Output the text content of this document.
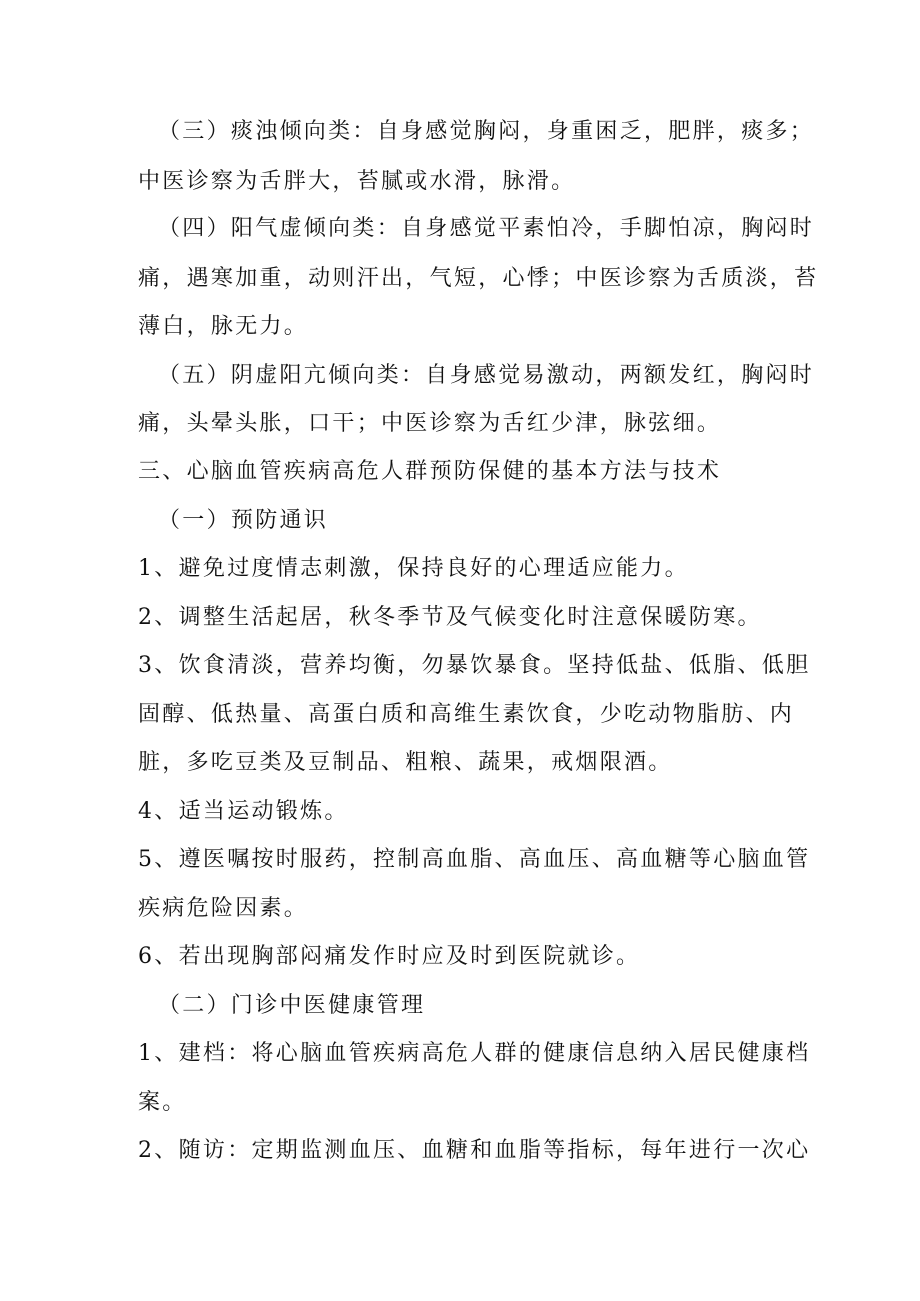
（三）痰浊倾向类：自身感觉胸闷，身重困乏，肥胖，痰多；
中医诊察为舌胖大，苔腻或水滑，脉滑。
（四）阳气虚倾向类：自身感觉平素怕冷，手脚怕凉，胸闷时
痛，遇寒加重，动则汗出，气短，心悸；中医诊察为舌质淡，苔
薄白，脉无力。
（五）阴虚阳亢倾向类：自身感觉易激动，两额发红，胸闷时
痛，头晕头胀，口干；中医诊察为舌红少津，脉弦细。
三、心脑血管疾病高危人群预防保健的基本方法与技术
（一）预防通识
1、避免过度情志刺激，保持良好的心理适应能力。
2、调整生活起居，秋冬季节及气候变化时注意保暖防寒。
3、饮食清淡，营养均衡，勿暴饮暴食。坚持低盐、低脂、低胆
固醇、低热量、高蛋白质和高维生素饮食，少吃动物脂肪、内
脏，多吃豆类及豆制品、粗粮、蔬果，戒烟限酒。
4、适当运动锻炼。
5、遵医嘱按时服药，控制高血脂、高血压、高血糖等心脑血管
疾病危险因素。
6、若出现胸部闷痛发作时应及时到医院就诊。
（二）门诊中医健康管理
1、建档：将心脑血管疾病高危人群的健康信息纳入居民健康档
案。
2、随访：定期监测血压、血糖和血脂等指标，每年进行一次心
